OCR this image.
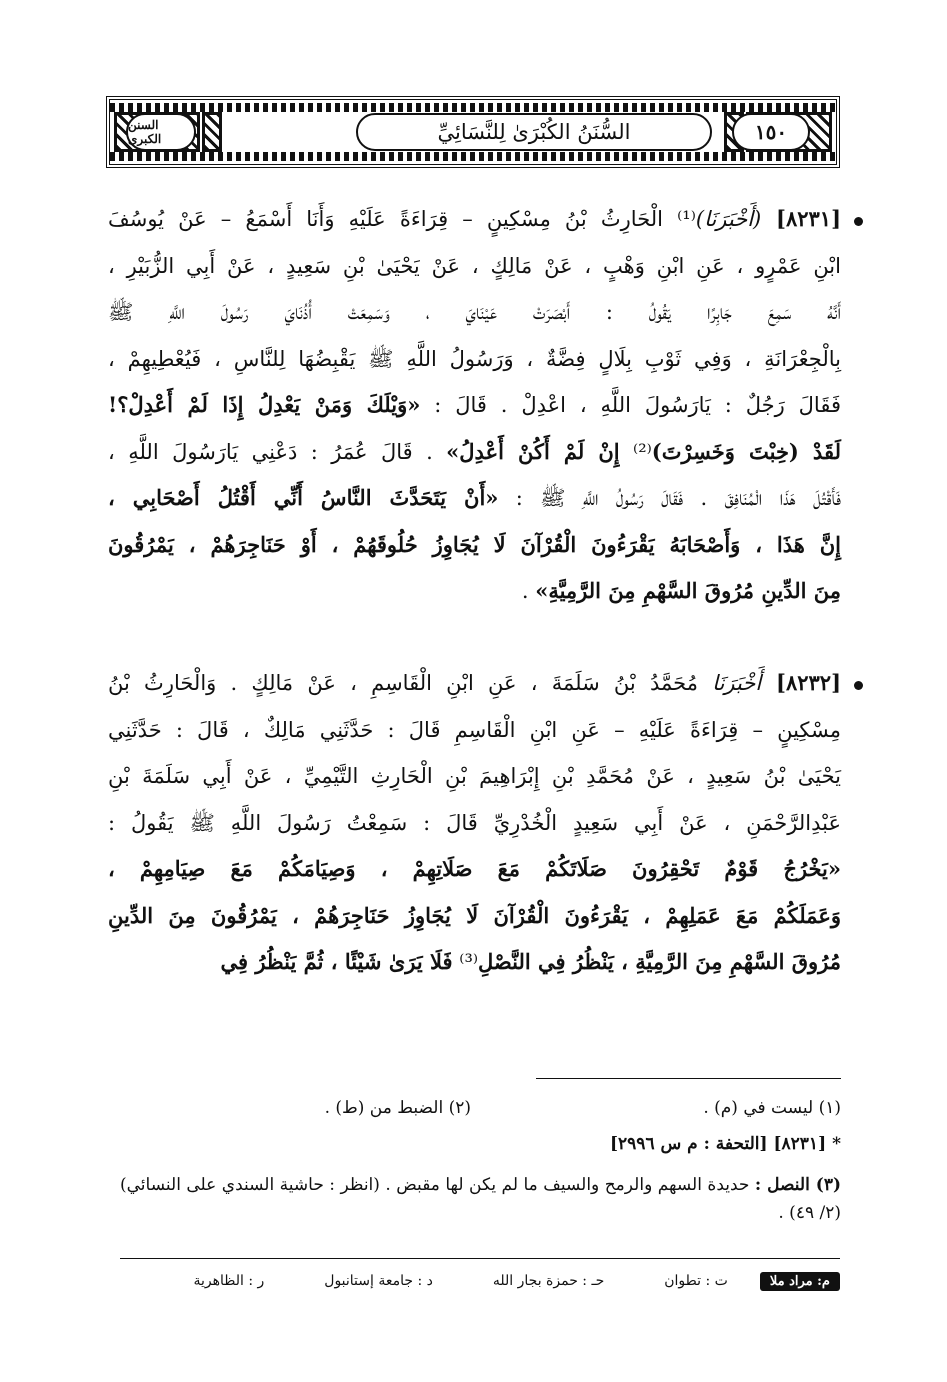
السنن الكبرى	السُّنَنُ الكُبْرَىٰ لِلنَّسَائِيِّ	١٥٠
[٨٢٣١] (أَخْبَرَنَا)⁽¹⁾ الْحَارِثُ بْنُ مِسْكِينٍ – قِرَاءَةً عَلَيْهِ وَأَنَا أَسْمَعُ – عَنْ يُوسُفَ
ابْنِ عَمْرٍو ، عَنِ ابْنِ وَهْبٍ ، عَنْ مَالِكٍ ، عَنْ يَحْيَىٰ بْنِ سَعِيدٍ ، عَنْ أَبِي الزُّبَيْرِ ،
أَنَّهُ سَمِعَ جَابِرًا يَقُولُ : أَبْصَرَتْ عَيْنَايَ ، وَسَمِعَتْ أُذُنَايَ رَسُولَ اللَّهِ ﷺ
بِالْجِعْرَانَةِ ، وَفِي ثَوْبِ بِلَالٍ فِضَّةٌ ، وَرَسُولُ اللَّهِ ﷺ يَقْبِضُهَا لِلنَّاسِ ، فَيُعْطِيهِمْ ،
فَقَالَ رَجُلٌ : يَارَسُولَ اللَّهِ ، اعْدِلْ . قَالَ : «وَيْلَكَ وَمَنْ يَعْدِلُ إِذَا لَمْ أَعْدِلْ؟!
لَقَدْ (خِبْتَ وَخَسِرْتَ)⁽²⁾ إِنْ لَمْ أَكُنْ أَعْدِلُ» . قَالَ عُمَرُ : دَعْنِي يَارَسُولَ اللَّهِ ،
فَأَقْتُلَ هَذَا الْمُنَافِقَ . فَقَالَ رَسُولُ اللَّهِ ﷺ : «أَنْ يَتَحَدَّثَ النَّاسُ أَنِّي أَقْتُلُ أَصْحَابِي ،
إِنَّ هَذَا ، وَأَصْحَابَهُ يَقْرَءُونَ الْقُرْآنَ لَا يُجَاوِزُ حُلُوقَهُمْ ، أَوْ حَنَاجِرَهُمْ ، يَمْرُقُونَ
مِنَ الدِّينِ مُرُوقَ السَّهْمِ مِنَ الرَّمِيَّةِ» .
[٨٢٣٢] أَخْبَرَنَا مُحَمَّدُ بْنُ سَلَمَةَ ، عَنِ ابْنِ الْقَاسِمِ ، عَنْ مَالِكٍ . وَالْحَارِثُ بْنُ
مِسْكِينٍ – قِرَاءَةً عَلَيْهِ – عَنِ ابْنِ الْقَاسِمِ قَالَ : حَدَّثَنِي مَالِكٌ ، قَالَ : حَدَّثَنِي
يَحْيَىٰ بْنُ سَعِيدٍ ، عَنْ مُحَمَّدِ بْنِ إِبْرَاهِيمَ بْنِ الْحَارِثِ التَّيْمِيِّ ، عَنْ أَبِي سَلَمَةَ بْنِ
عَبْدِالرَّحْمَنِ ، عَنْ أَبِي سَعِيدٍ الْخُدْرِيِّ قَالَ : سَمِعْتُ رَسُولَ اللَّهِ ﷺ يَقُولُ :
«يَخْرُجُ قَوْمٌ تَحْقِرُونَ صَلَاتَكُمْ مَعَ صَلَاتِهِمْ ، وَصِيَامَكُمْ مَعَ صِيَامِهِمْ ،
وَعَمَلَكُمْ مَعَ عَمَلِهِمْ ، يَقْرَءُونَ الْقُرْآنَ لَا يُجَاوِزُ حَنَاجِرَهُمْ ، يَمْرُقُونَ مِنَ الدِّينِ
مُرُوقَ السَّهْمِ مِنَ الرَّمِيَّةِ ، يَنْظُرُ فِي النَّصْلِ⁽³⁾ فَلَا يَرَىٰ شَيْئًا ، ثُمَّ يَنْظُرُ فِي

(١) ليست في (م) .

(٢) الضبط من (ط) .

*[٨٢٣١] [التحفة : م س ٢٩٩٦]

(٣) النصل : حديدة السهم والرمح والسيف ما لم يكن لها مقبض . (انظر : حاشية السندي على النسائي) (٢/ ٤٩) .

م: مراد ملا
ت : تطوان
حـ : حمزة بجار الله
د : جامعة إستانبول
ر : الظاهرية
